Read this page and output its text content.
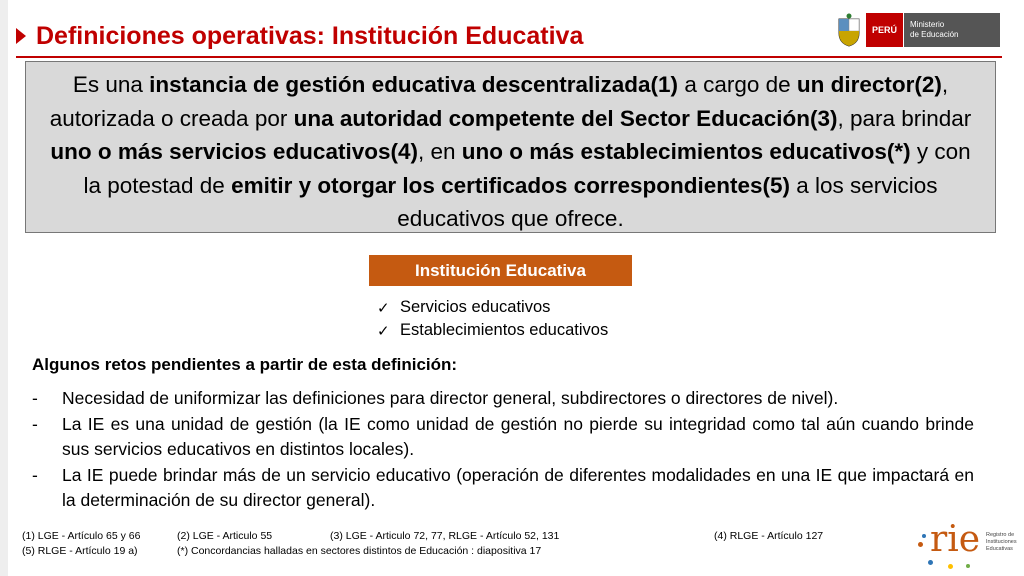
Definiciones operativas: Institución Educativa	PERÚ
Ministerio
de Educación
Es una instancia de gestión educativa descentralizada(1) a cargo de un director(2), autorizada o creada por una autoridad competente del Sector Educación(3), para brindar uno o más servicios educativos(4), en uno o más establecimientos educativos(*) y con la potestad de emitir y otorgar los certificados correspondientes(5) a los servicios educativos que ofrece.
Institución Educativa
✓ Servicios educativos
✓ Establecimientos educativos
Algunos retos pendientes a partir de esta definición:
-	Necesidad de uniformizar las definiciones para director general, subdirectores o directores de nivel).
-	La IE es una unidad de gestión (la IE como unidad de gestión no pierde su integridad como tal aún cuando brinde sus servicios educativos en distintos locales).
-	La IE puede brindar más de un servicio educativo (operación de diferentes modalidades en una IE que impactará en la determinación de su director general).
(1) LGE - Artículo 65 y 66	(2) LGE - Articulo 55	(3) LGE - Articulo 72, 77, RLGE - Artículo 52, 131	(4) RLGE - Artículo 127
(5) RLGE - Artículo 19 a)	(*) Concordancias halladas en sectores distintos de Educación : diapositiva 17	rie Registro de
Instituciones
Educativas
